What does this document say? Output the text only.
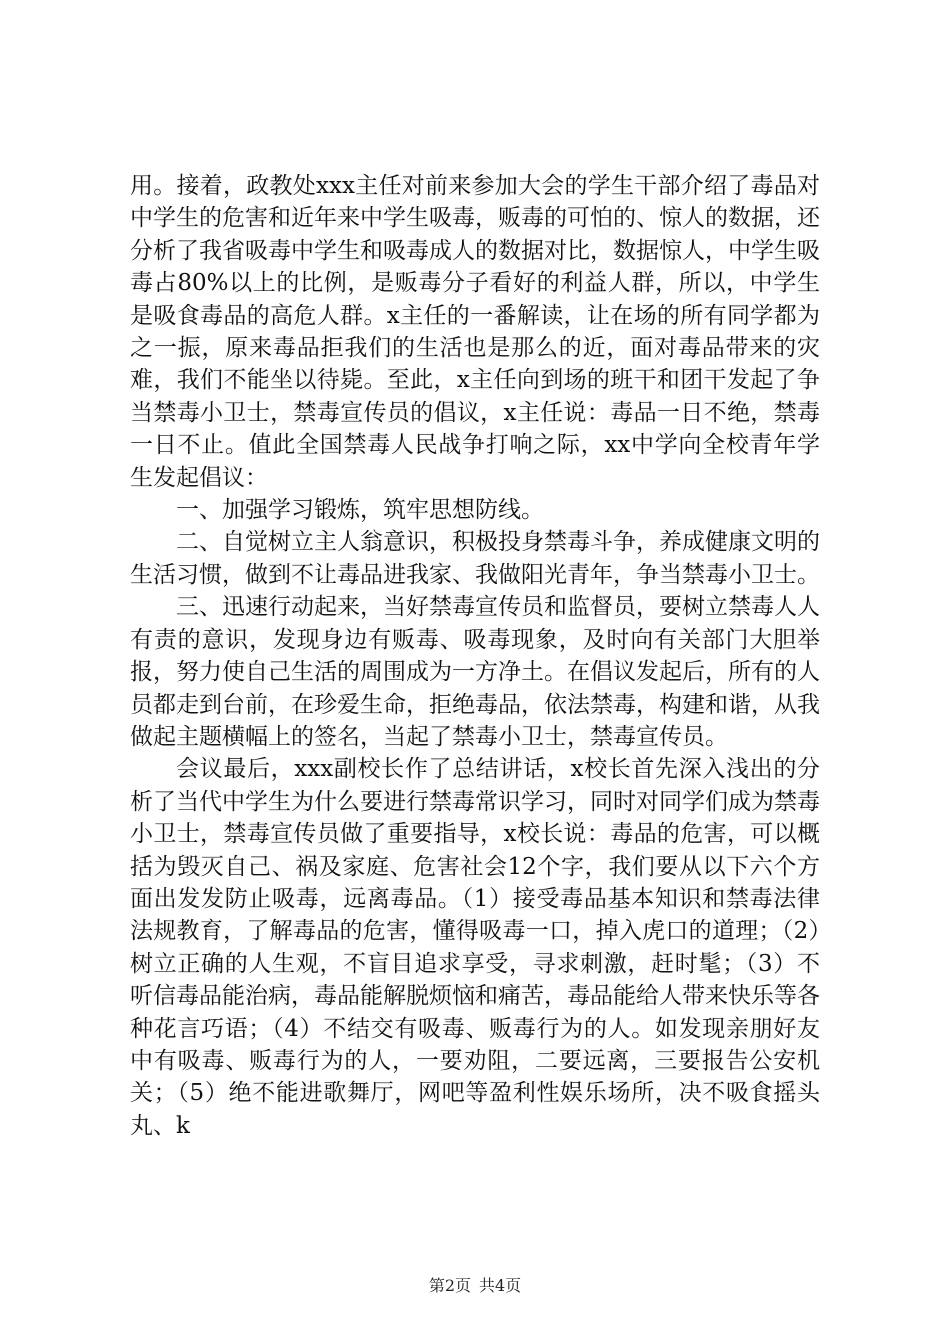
用。接着，政教处xxx主任对前来参加大会的学生干部介绍了毒品对中学生的危害和近年来中学生吸毒，贩毒的可怕的、惊人的数据，还分析了我省吸毒中学生和吸毒成人的数据对比，数据惊人，中学生吸毒占80%以上的比例，是贩毒分子看好的利益人群，所以，中学生是吸食毒品的高危人群。x主任的一番解读，让在场的所有同学都为之一振，原来毒品拒我们的生活也是那么的近，面对毒品带来的灾难，我们不能坐以待毙。至此，x主任向到场的班干和团干发起了争当禁毒小卫士，禁毒宣传员的倡议，x主任说：毒品一日不绝，禁毒一日不止。值此全国禁毒人民战争打响之际，xx中学向全校青年学生发起倡议：

一、加强学习锻炼，筑牢思想防线。

二、自觉树立主人翁意识，积极投身禁毒斗争，养成健康文明的生活习惯，做到不让毒品进我家、我做阳光青年，争当禁毒小卫士。

三、迅速行动起来，当好禁毒宣传员和监督员，要树立禁毒人人有责的意识，发现身边有贩毒、吸毒现象，及时向有关部门大胆举报，努力使自己生活的周围成为一方净土。在倡议发起后，所有的人员都走到台前，在珍爱生命，拒绝毒品，依法禁毒，构建和谐，从我做起主题横幅上的签名，当起了禁毒小卫士，禁毒宣传员。

会议最后，xxx副校长作了总结讲话，x校长首先深入浅出的分析了当代中学生为什么要进行禁毒常识学习，同时对同学们成为禁毒小卫士，禁毒宣传员做了重要指导，x校长说：毒品的危害，可以概括为毁灭自己、祸及家庭、危害社会12个字，我们要从以下六个方面出发发防止吸毒，远离毒品。（1）接受毒品基本知识和禁毒法律法规教育，了解毒品的危害，懂得吸毒一口，掉入虎口的道理；（2）树立正确的人生观，不盲目追求享受，寻求刺激，赶时髦；（3）不听信毒品能治病，毒品能解脱烦恼和痛苦，毒品能给人带来快乐等各种花言巧语；（4）不结交有吸毒、贩毒行为的人。如发现亲朋好友中有吸毒、贩毒行为的人，一要劝阻，二要远离，三要报告公安机关；（5）绝不能进歌舞厅，网吧等盈利性娱乐场所，决不吸食摇头丸、k

第2页 共4页
